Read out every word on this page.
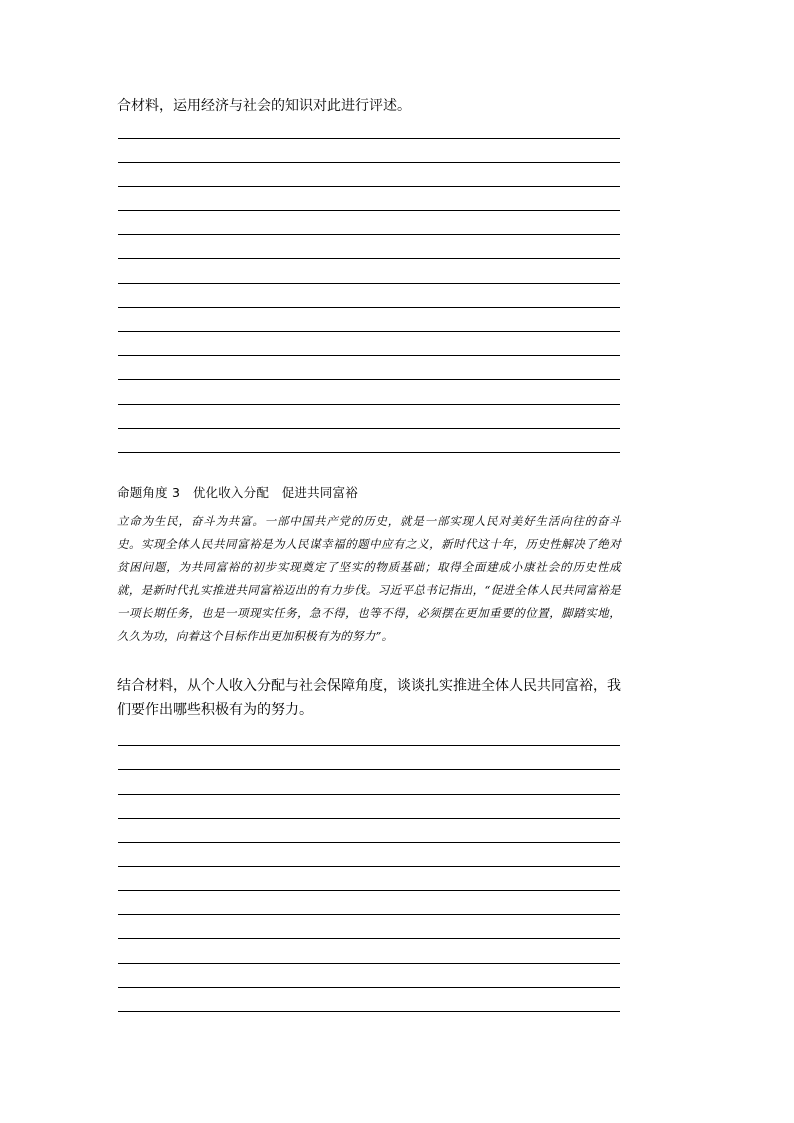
合材料，运用经济与社会的知识对此进行评述。
命题角度 3　优化收入分配　促进共同富裕
立命为生民，奋斗为共富。一部中国共产党的历史，就是一部实现人民对美好生活向往的奋斗史。实现全体人民共同富裕是为人民谋幸福的题中应有之义，新时代这十年，历史性解决了绝对贫困问题，为共同富裕的初步实现奠定了坚实的物质基础；取得全面建成小康社会的历史性成就，是新时代扎实推进共同富裕迈出的有力步伐。习近平总书记指出，“促进全体人民共同富裕是一项长期任务，也是一项现实任务，急不得，也等不得，必须摆在更加重要的位置，脚踏实地，久久为功，向着这个目标作出更加积极有为的努力”。
结合材料，从个人收入分配与社会保障角度，谈谈扎实推进全体人民共同富裕，我们要作出哪些积极有为的努力。
